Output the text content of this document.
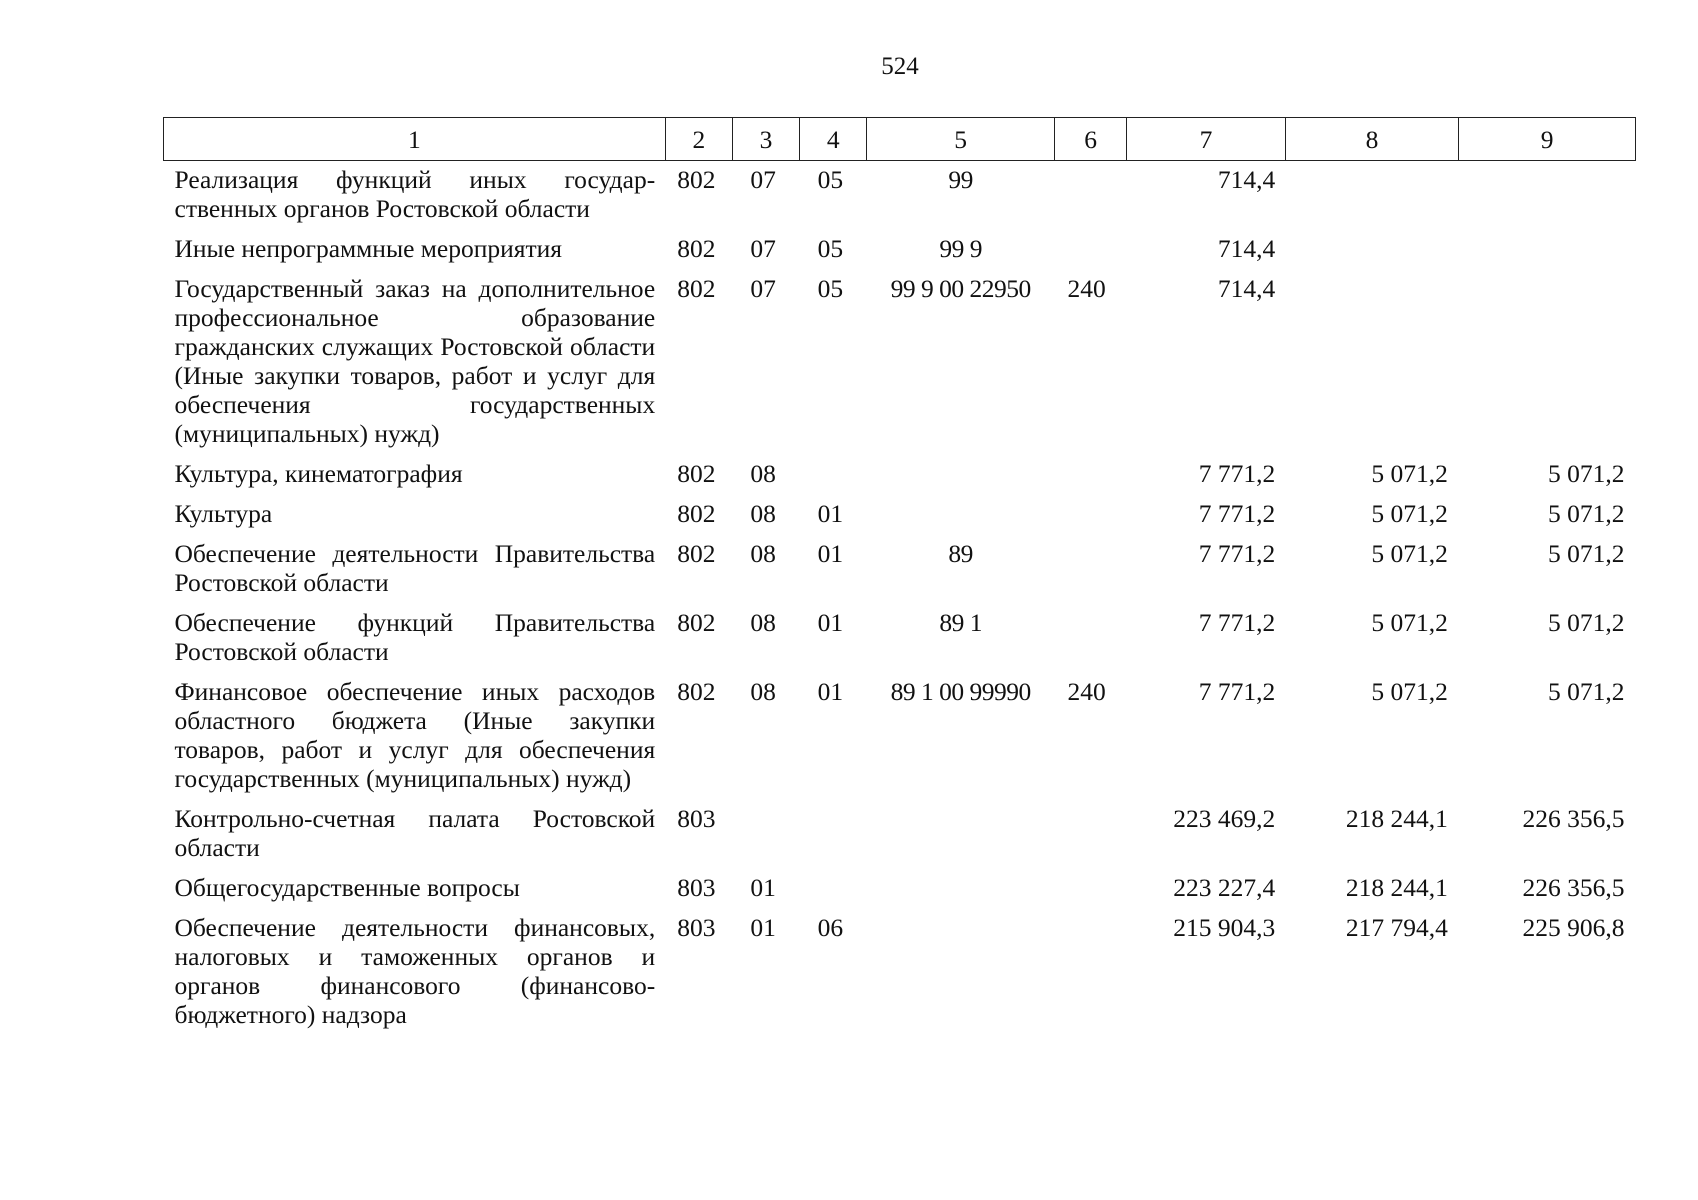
524
1	2	3	4	5	6	7	8	9
Реализация функций иных государственных органов Ростовской области	802	07	05	99		714,4		
Иные непрограммные мероприятия	802	07	05	99 9		714,4		
Государственный заказ на дополнительное профессиональное образование гражданских служащих Ростовской области (Иные закупки товаров, работ и услуг для обеспечения государственных (муниципальных) нужд)	802	07	05	99 9 00 22950	240	714,4		
Культура, кинематография	802	08				7 771,2	5 071,2	5 071,2
Культура	802	08	01			7 771,2	5 071,2	5 071,2
Обеспечение деятельности Правительства Ростовской области	802	08	01	89		7 771,2	5 071,2	5 071,2
Обеспечение функций Правительства Ростовской области	802	08	01	89 1		7 771,2	5 071,2	5 071,2
Финансовое обеспечение иных расходов областного бюджета (Иные закупки товаров, работ и услуг для обеспечения государственных (муниципальных) нужд)	802	08	01	89 1 00 99990	240	7 771,2	5 071,2	5 071,2
Контрольно-счетная палата Ростовской области	803					223 469,2	218 244,1	226 356,5
Общегосударственные вопросы	803	01				223 227,4	218 244,1	226 356,5
Обеспечение деятельности финансовых, налоговых и таможенных органов и органов финансового (финансово-бюджетного) надзора	803	01	06			215 904,3	217 794,4	225 906,8
